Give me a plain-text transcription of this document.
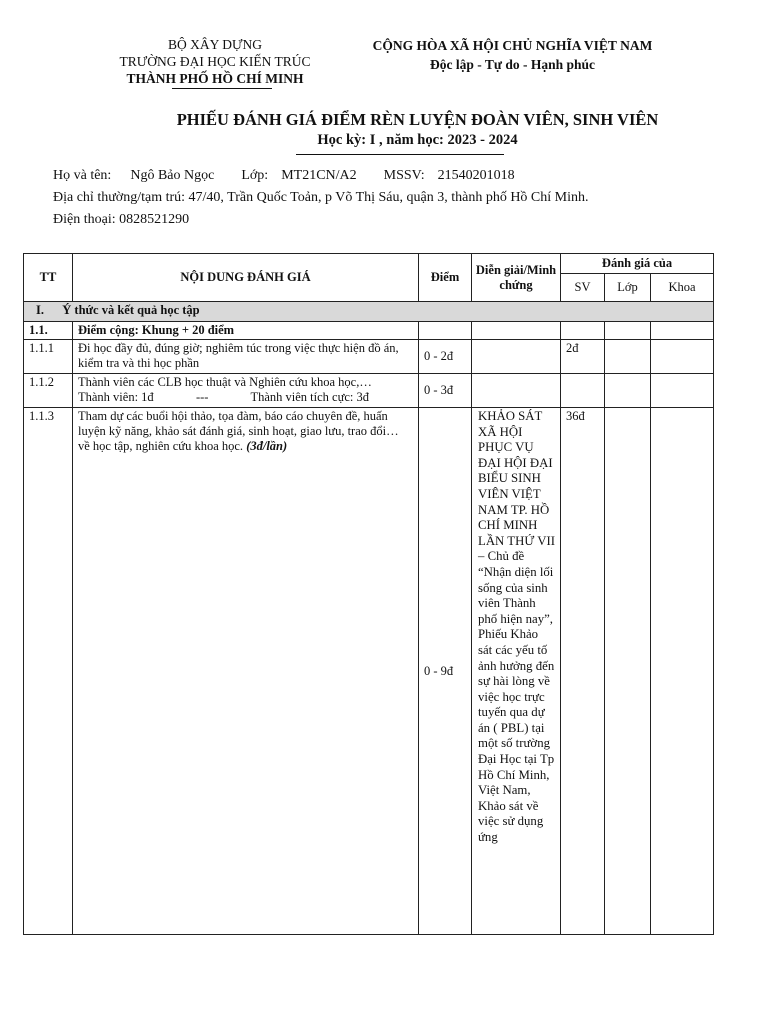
BỘ XÂY DỰNG
TRƯỜNG ĐẠI HỌC KIẾN TRÚC
THÀNH PHỐ HỒ CHÍ MINH
CỘNG HÒA XÃ HỘI CHỦ NGHĨA VIỆT NAM
Độc lập - Tự do - Hạnh phúc
PHIẾU ĐÁNH GIÁ ĐIỂM RÈN LUYỆN ĐOÀN VIÊN, SINH VIÊN
Học kỳ: I , năm học: 2023 - 2024
Họ và tên: Ngô Bảo Ngọc Lớp: MT21CN/A2 MSSV: 21540201018
Địa chỉ thường/tạm trú: 47/40, Trần Quốc Toản, p Võ Thị Sáu, quận 3, thành phố Hồ Chí Minh.
Điện thoại: 0828521290
TT	NỘI DUNG ĐÁNH GIÁ	Điểm	Diễn giải/Minh chứng	Đánh giá của		
				SV	Lớp	Khoa
I. Ý thức và kết quả học tập						
1.1.	Điểm cộng: Khung + 20 điểm					
1.1.1	Đi học đầy đủ, đúng giờ; nghiêm túc trong việc thực hiện đồ án, kiểm tra và thi học phần	0 - 2đ		2đ		
1.1.2	Thành viên các CLB học thuật và Nghiên cứu khoa học,…
Thành viên: 1đ --- Thành viên tích cực: 3đ	0 - 3đ				
1.1.3	Tham dự các buổi hội thảo, tọa đàm, báo cáo chuyên đề, huấn luyện kỹ năng, khảo sát đánh giá, sinh hoạt, giao lưu, trao đổi… về học tập, nghiên cứu khoa học. (3đ/lần)	0 - 9đ	KHẢO SÁT XÃ HỘI PHỤC VỤ ĐẠI HỘI ĐẠI BIỂU SINH VIÊN VIỆT NAM TP. HỒ CHÍ MINH LẦN THỨ VII – Chủ đề “Nhận diện lối sống của sinh viên Thành phố hiện nay”, Phiếu Khảo sát các yếu tố ảnh hưởng đến sự hài lòng về việc học trực tuyến qua dự án ( PBL) tại một số trường Đại Học tại Tp Hồ Chí Minh, Việt Nam, Khảo sát về việc sử dụng ứng	36đ		
